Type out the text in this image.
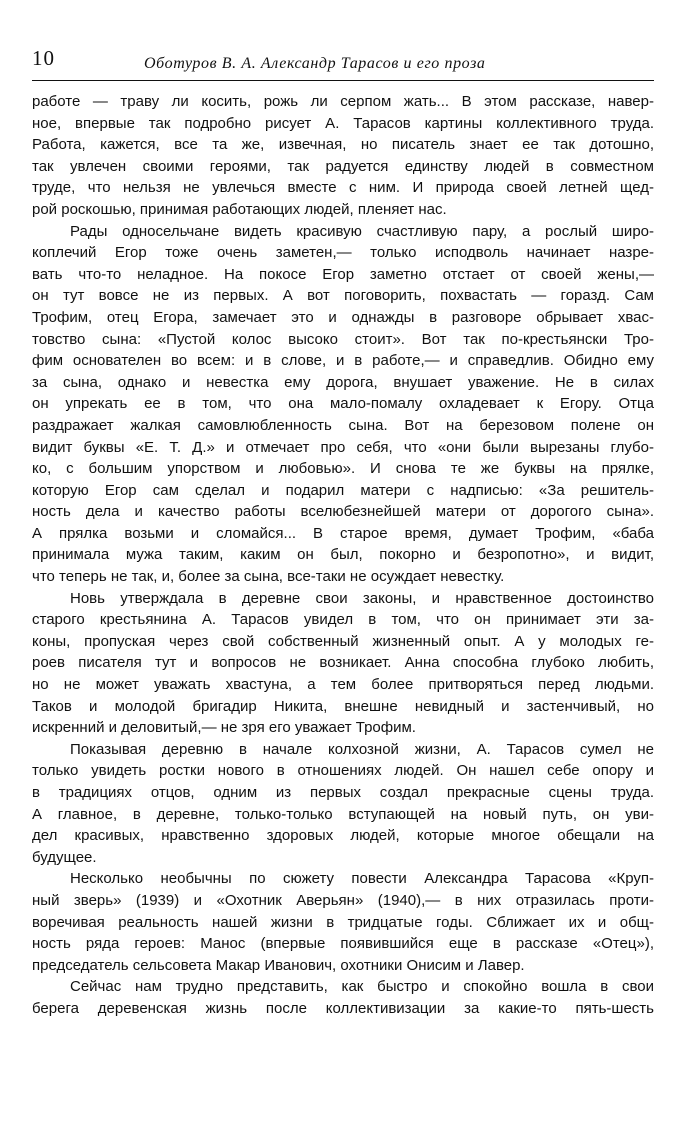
10	Оботуров В. А. Александр Тарасов и его проза
работе — траву ли косить, рожь ли серпом жать... В этом рассказе, навер-
ное, впервые так подробно рисует А. Тарасов картины коллективного труда.
Работа, кажется, все та же, извечная, но писатель знает ее так дотошно,
так увлечен своими героями, так радуется единству людей в совместном
труде, что нельзя не увлечься вместе с ним. И природа своей летней щед-
рой роскошью, принимая работающих людей, пленяет нас.
Рады односельчане видеть красивую счастливую пару, а рослый широ-
коплечий Егор тоже очень заметен,— только исподволь начинает назре-
вать что-то неладное. На покосе Егор заметно отстает от своей жены,—
он тут вовсе не из первых. А вот поговорить, похвастать — горазд. Сам
Трофим, отец Егора, замечает это и однажды в разговоре обрывает хвас-
товство сына: «Пустой колос высоко стоит». Вот так по-крестьянски Тро-
фим основателен во всем: и в слове, и в работе,— и справедлив. Обидно ему
за сына, однако и невестка ему дорога, внушает уважение. Не в силах
он упрекать ее в том, что она мало-помалу охладевает к Егору. Отца
раздражает жалкая самовлюбленность сына. Вот на березовом полене он
видит буквы «Е. Т. Д.» и отмечает про себя, что «они были вырезаны глубо-
ко, с большим упорством и любовью». И снова те же буквы на прялке,
которую Егор сам сделал и подарил матери с надписью: «За решитель-
ность дела и качество работы вселюбезнейшей матери от дорогого сына».
А прялка возьми и сломайся... В старое время, думает Трофим, «баба
принимала мужа таким, каким он был, покорно и безропотно», и видит,
что теперь не так, и, более за сына, все-таки не осуждает невестку.
Новь утверждала в деревне свои законы, и нравственное достоинство
старого крестьянина А. Тарасов увидел в том, что он принимает эти за-
коны, пропуская через свой собственный жизненный опыт. А у молодых ге-
роев писателя тут и вопросов не возникает. Анна способна глубоко любить,
но не может уважать хвастуна, а тем более притворяться перед людьми.
Таков и молодой бригадир Никита, внешне невидный и застенчивый, но
искренний и деловитый,— не зря его уважает Трофим.
Показывая деревню в начале колхозной жизни, А. Тарасов сумел не
только увидеть ростки нового в отношениях людей. Он нашел себе опору и
в традициях отцов, одним из первых создал прекрасные сцены труда.
А главное, в деревне, только-только вступающей на новый путь, он уви-
дел красивых, нравственно здоровых людей, которые многое обещали на
будущее.
Несколько необычны по сюжету повести Александра Тарасова «Круп-
ный зверь» (1939) и «Охотник Аверьян» (1940),— в них отразилась проти-
воречивая реальность нашей жизни в тридцатые годы. Сближает их и общ-
ность ряда героев: Манос (впервые появившийся еще в рассказе «Отец»),
председатель сельсовета Макар Иванович, охотники Онисим и Лавер.
Сейчас нам трудно представить, как быстро и спокойно вошла в свои
берега деревенская жизнь после коллективизации за какие-то пять-шесть
